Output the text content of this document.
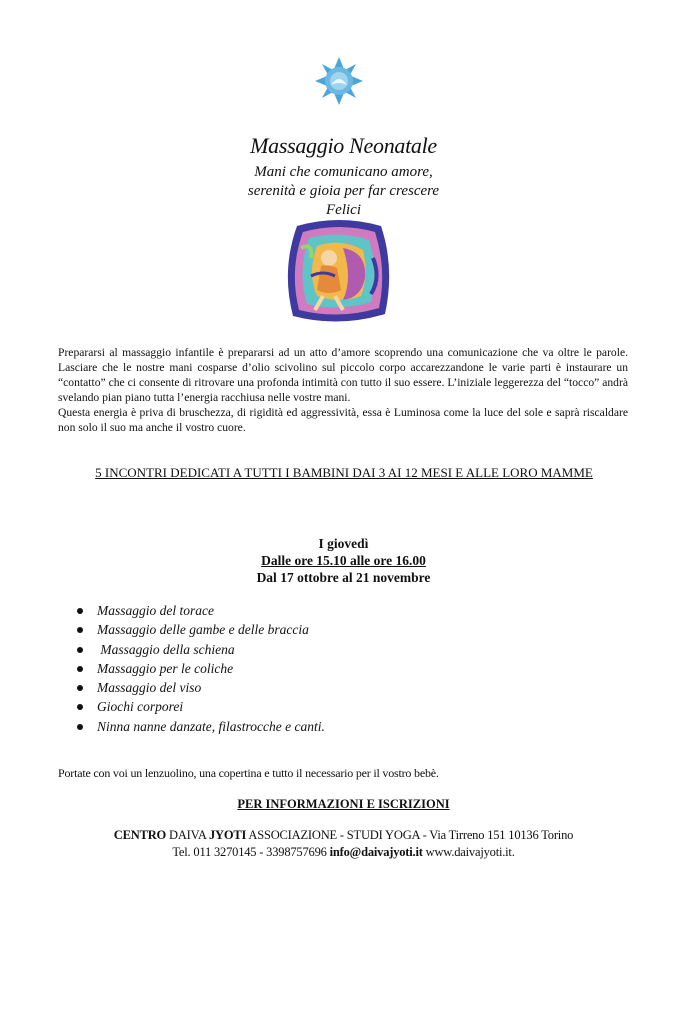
Massaggio Neonatale
Mani che comunicano amore,
serenità e gioia per far crescere
Felici

Prepararsi al massaggio infantile è prepararsi ad un atto d’amore scoprendo una comunicazione che va oltre le parole. Lasciare che le nostre mani cosparse d’olio scivolino sul piccolo corpo accarezzandone le varie parti è instaurare un “contatto” che ci consente di ritrovare una profonda intimità con tutto il suo essere. L’iniziale leggerezza del “tocco” andrà svelando pian piano tutta l’energia racchiusa nelle vostre mani.

Questa energia è priva di bruschezza, di rigidità ed aggressività, essa è Luminosa come la luce del sole e saprà riscaldare non solo il suo ma anche il vostro cuore.

5 INCONTRI DEDICATI A TUTTI I BAMBINI DAI 3 AI 12 MESI E ALLE LORO MAMME
I giovedì
Dalle ore 15.10 alle ore 16.00
Dal 17 ottobre al 21 novembre
Massaggio del torace
Massaggio delle gambe e delle braccia
Massaggio della schiena
Massaggio per le coliche
Massaggio del viso
Giochi corporei
Ninna nanne danzate, filastrocche e canti.
Portate con voi un lenzuolino, una copertina e tutto il necessario per il vostro bebè.
PER INFORMAZIONI E ISCRIZIONI
CENTRO DAIVA JYOTI ASSOCIAZIONE - STUDI YOGA - Via Tirreno 151 10136 Torino
Tel. 011 3270145 - 3398757696 info@daivajyoti.it www.daivajyoti.it.
